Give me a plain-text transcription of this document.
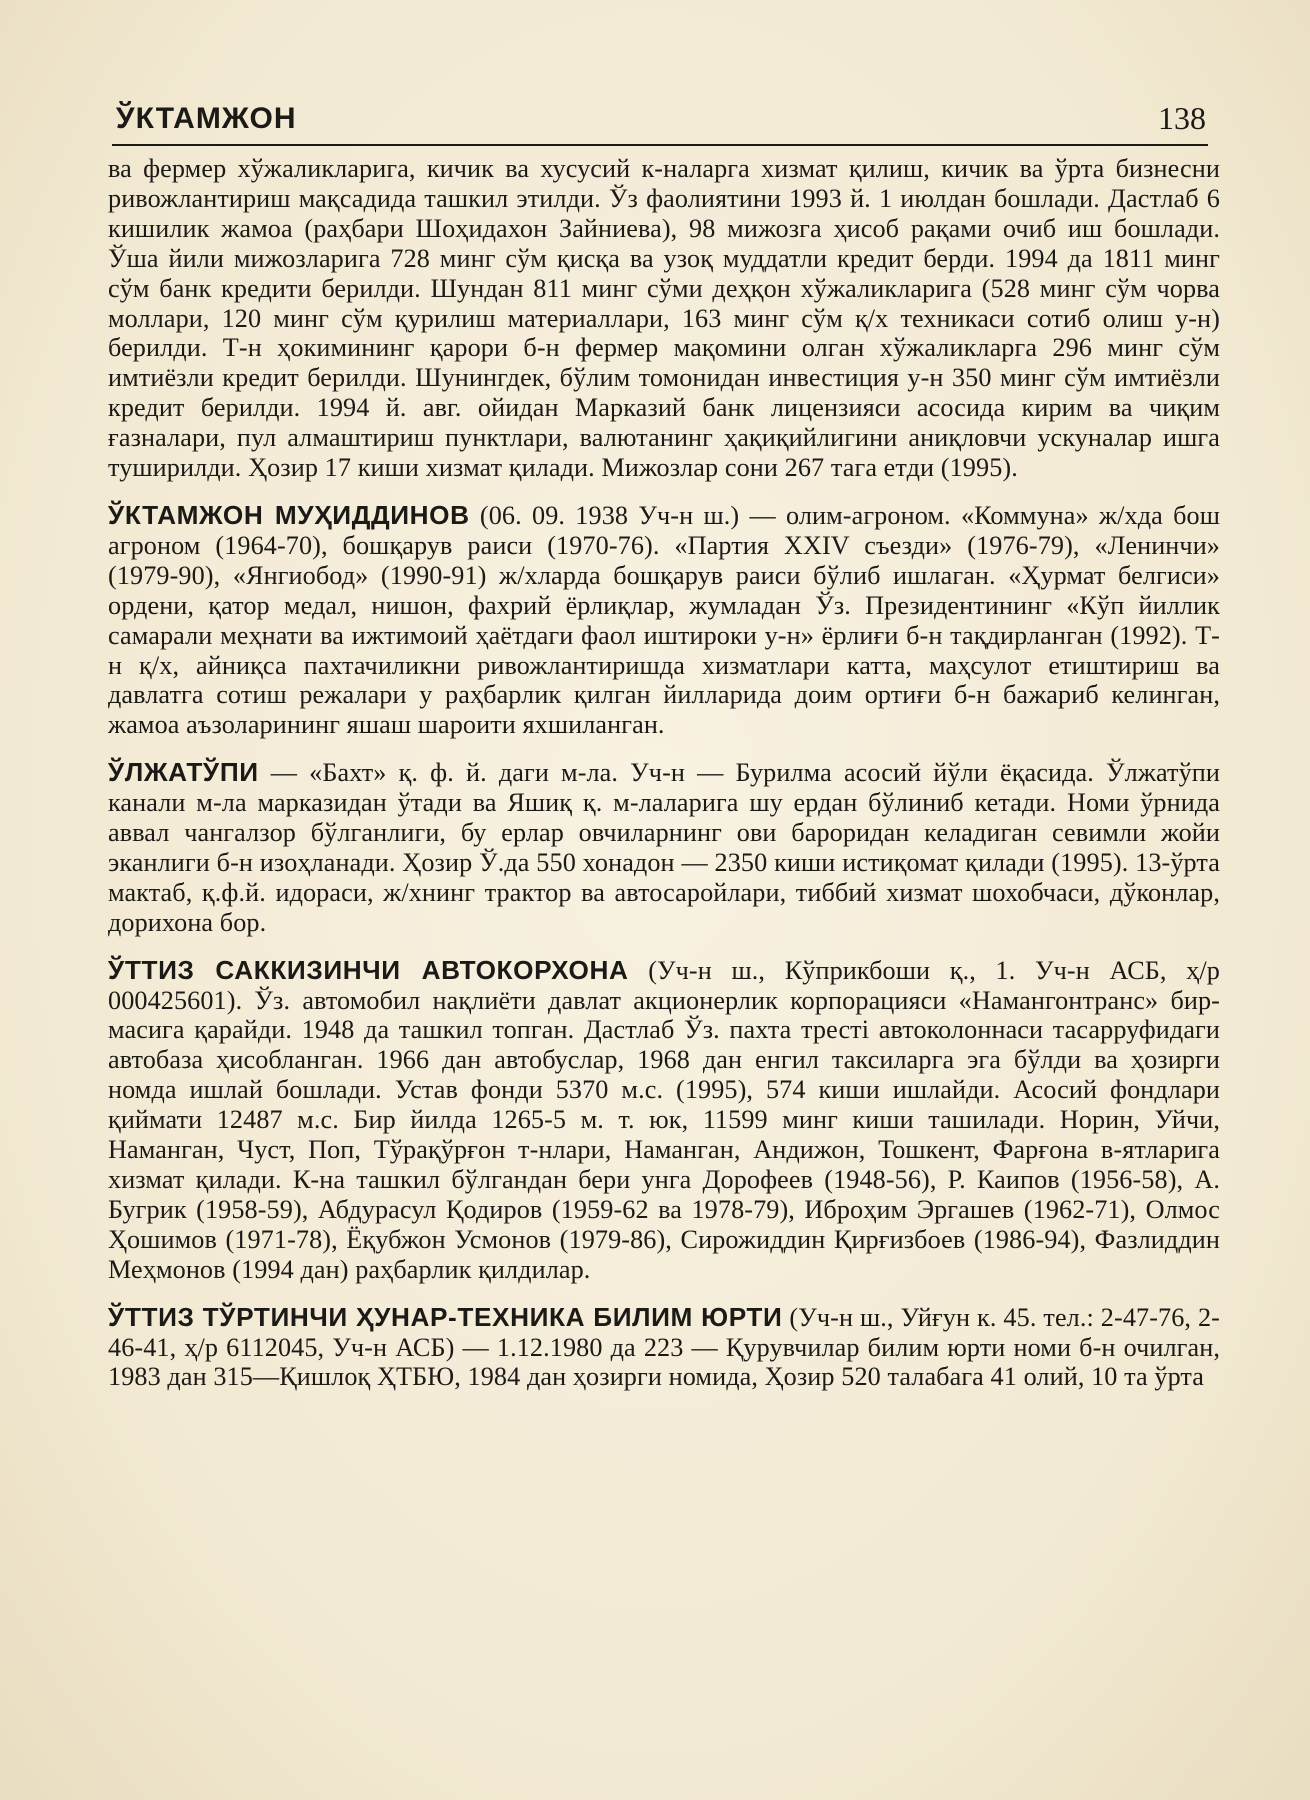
ЎКТАМЖОН	138

ва фермер хўжаликларига, кичик ва хусусий к-наларга хизмат қилиш, кичик ва ўрта бизнесни ривожлантириш мақсадида ташкил этилди. Ўз фаолиятини 1993 й. 1 июлдан бошлади. Дастлаб 6 кишилик жамоа (раҳбари Шоҳидахон Зайниева), 98 мижозга ҳисоб рақами очиб иш бошлади. Ўша йили мижозларига 728 минг сўм қисқа ва узоқ муддатли кредит берди. 1994 да 1811 минг сўм банк кредити берилди. Шундан 811 минг сўми деҳқон хўжаликларига (528 минг сўм чорва моллари, 120 минг сўм қурилиш материаллари, 163 минг сўм қ/х техникаси сотиб олиш у-н) берилди. Т-н ҳокимининг қарори б-н фермер мақомини олган хўжаликларга 296 минг сўм имтиёзли кредит берилди. Шунингдек, бўлим томонидан инвестиция у-н 350 минг сўм имтиёзли кредит берилди. 1994 й. авг. ойидан Марказий банк лицензияси асосида кирим ва чиқим ғазналари, пул алмаштириш пунктлари, валютанинг ҳақиқийлигини аниқловчи ускуналар ишга туширилди. Ҳозир 17 киши хизмат қилади. Мижозлар сони 267 тага етди (1995).

ЎКТАМЖОН МУҲИДДИНОВ (06. 09. 1938 Уч-н ш.) — олим-агроном. «Коммуна» ж/хда бош агроном (1964-70), бошқарув раиси (1970-76). «Партия XXIV съезди» (1976-79), «Ленинчи» (1979-90), «Янгиобод» (1990-91) ж/хларда бошқарув раиси бўлиб ишлаган. «Ҳурмат белгиси» ордени, қатор медал, нишон, фахрий ёрлиқлар, жумладан Ўз. Президентининг «Кўп йиллик самарали меҳнати ва ижтимоий ҳаётдаги фаол иштироки у-н» ёрлиғи б-н тақдирланган (1992). Т-н қ/х, айниқса пахтачиликни ривожлантиришда хизматлари катта, маҳсулот етиштириш ва давлатга сотиш режалари у раҳбарлик қилган йилларида доим ортиғи б-н бажариб келинган, жамоа аъзоларининг яшаш шароити яхшиланган.

ЎЛЖАТЎПИ — «Бахт» қ. ф. й. даги м-ла. Уч-н — Бурилма асосий йўли ёқасида. Ўлжатўпи канали м-ла марказидан ўтади ва Яшиқ қ. м-лаларига шу ердан бўлиниб кетади. Номи ўрнида аввал чангалзор бўлганлиги, бу ерлар овчиларнинг ови бароридан келадиган севимли жойи эканлиги б-н изоҳланади. Ҳозир Ў.да 550 хонадон — 2350 киши истиқомат қилади (1995). 13-ўрта мактаб, қ.ф.й. идораси, ж/хнинг трактор ва автосаройлари, тиббий хизмат шохобчаси, дўконлар, дорихона бор.

ЎТТИЗ САККИЗИНЧИ АВТОКОРХОНА (Уч-н ш., Кўприкбоши қ., 1. Уч-н АСБ, ҳ/р 000425601). Ўз. автомобил нақлиёти давлат акционерлик корпорацияси «Намангонтранс» бир-масига қарайди. 1948 да ташкил топган. Дастлаб Ўз. пахта тресті автоколоннаси тасарруфидаги автобаза ҳисобланган. 1966 дан автобуслар, 1968 дан енгил таксиларга эга бўлди ва ҳозирги номда ишлай бошлади. Устав фонди 5370 м.с. (1995), 574 киши ишлайди. Асосий фондлари қиймати 12487 м.с. Бир йилда 1265-5 м. т. юк, 11599 минг киши ташилади. Норин, Уйчи, Наманган, Чуст, Поп, Тўрақўрғон т-нлари, Наманган, Андижон, Тошкент, Фарғона в-ятларига хизмат қилади. К-на ташкил бўлгандан бери унга Дорофеев (1948-56), Р. Каипов (1956-58), А. Бугрик (1958-59), Абдурасул Қодиров (1959-62 ва 1978-79), Иброҳим Эргашев (1962-71), Олмос Ҳошимов (1971-78), Ёқубжон Усмонов (1979-86), Сирожиддин Қирғизбоев (1986-94), Фазлиддин Меҳмонов (1994 дан) раҳбарлик қилдилар.

ЎТТИЗ ТЎРТИНЧИ ҲУНАР-ТЕХНИКА БИЛИМ ЮРТИ (Уч-н ш., Уйғун к. 45. тел.: 2-47-76, 2-46-41, ҳ/р 6112045, Уч-н АСБ) — 1.12.1980 да 223 — Қурувчилар билим юрти номи б-н очилган, 1983 дан 315—Қишлоқ ҲТБЮ, 1984 дан ҳозирги номида, Ҳозир 520 талабага 41 олий, 10 та ўрта
